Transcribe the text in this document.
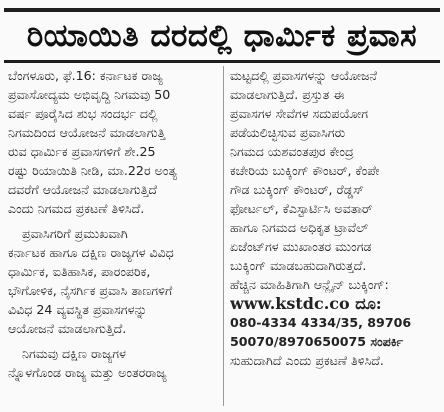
ರಿಯಾಯಿತಿ ದರದಲ್ಲಿ ಧಾರ್ಮಿಕ ಪ್ರವಾಸ

ಬೆಂಗಳೂರು, ಫೆ.16: ಕರ್ನಾಟಕ ರಾಜ್ಯ
ಪ್ರವಾಸೋದ್ಯಮ ಅಭಿವೃದ್ಧಿ ನಿಗಮವು 50
ವರ್ಷ ಪೂರೈಸಿದ ಶುಭ ಸಂದರ್ಭ ದಲ್ಲಿ
ನಿಗಮದಿಂದ ಆಯೋಜನೆ ಮಾಡಲಾಗುತ್ತಿ
ರುವ ಧಾರ್ಮಿಕ ಪ್ರವಾಸಗಳಿಗೆ ಶೇ.25
ರಷ್ಟು ರಿಯಾಯಿತಿ ನೀಡಿ, ಮಾ.22ರ ಅಂತ್ಯ
ದವರೆಗೆ ಆಯೋಜನೆ ಮಾಡಲಾಗುತ್ತಿದೆ
ಎಂದು ನಿಗಮದ ಪ್ರಕಟಣೆ ತಿಳಿಸಿದೆ.

ಪ್ರವಾಸಿಗರಿಗೆ ಪ್ರಮುಖವಾಗಿ
ಕರ್ನಾಟಕ ಹಾಗೂ ದಕ್ಷಿಣ ರಾಜ್ಯಗಳ ವಿವಿಧ
ಧಾರ್ಮಿಕ, ಐತಿಹಾಸಿಕ, ಪಾರಂಪರಿಕ,
ಭೌಗೋಳಿಕ, ನೈಸರ್ಗಿಕ ಪ್ರವಾಸಿ ತಾಣಗಳಿಗೆ
ವಿವಿಧ 24 ವ್ಯವಸ್ಥಿತ ಪ್ರವಾಸಗಳನ್ನು
ಆಯೋಜನೆ ಮಾಡಲಾಗುತ್ತಿದೆ.

ನಿಗಮವು ದಕ್ಷಿಣ ರಾಜ್ಯಗಳ
ನ್ನೊಳಗೊಂಡ ರಾಜ್ಯ ಮತ್ತು ಅಂತರರಾಜ್ಯ

ಮಟ್ಟದಲ್ಲಿ ಪ್ರವಾಸಗಳನ್ನು ಆಯೋಜನೆ
ಮಾಡಲಾಗುತ್ತಿದೆ. ಪ್ರಸ್ತುತ ಈ
ಪ್ರವಾಸಗಳ ಸೇವೆಗಳ ಸದುಪಯೋಗ
ಪಡೆಯಲಿಚ್ಛಿಸುವ ಪ್ರವಾಸಿಗರು
ನಿಗಮದ ಯಶವಂತಪುರ ಕೇಂದ್ರ
ಕಚೇರಿಯ ಬುಕ್ಕಿಂಗ್ ಕೌಂಟರ್, ಕೆಂಪೇ
ಗೌಡ ಬುಕ್ಕಿಂಗ್ ಕೌಂಟರ್, ರೆಡ್ಡಸ್
ಫೋರ್ಟಲ್, ಕೆಎಸ್ಟಾರ್ಟಿಸಿ ಅವತಾರ್
ಹಾಗೂ ನಿಗಮದ ಅಧಿಕೃತ ಟ್ರಾವೆಲ್
ಏಜೆಂಟ್‌ಗಳ ಮುಖಾಂತರ ಮುಂಗಡ
ಬುಕ್ಕಿಂಗ್ ಮಾಡಬಹುದಾಗಿರುತ್ತದೆ.
ಹೆಚ್ಚಿನ ಮಾಹಿತಿಗಾಗಿ ಆನ್ಲೈನ್ ಬುಕ್ಕಿಂಗ್:
www.kstdc.co ದೂ:
080-4334 4334/35, 89706
50070/8970650075 ಸಂಪರ್ಕಿ
ಸುಹುದಾಗಿದೆ ಎಂದು ಪ್ರಕಟಣೆ ತಿಳಿಸಿದೆ.
